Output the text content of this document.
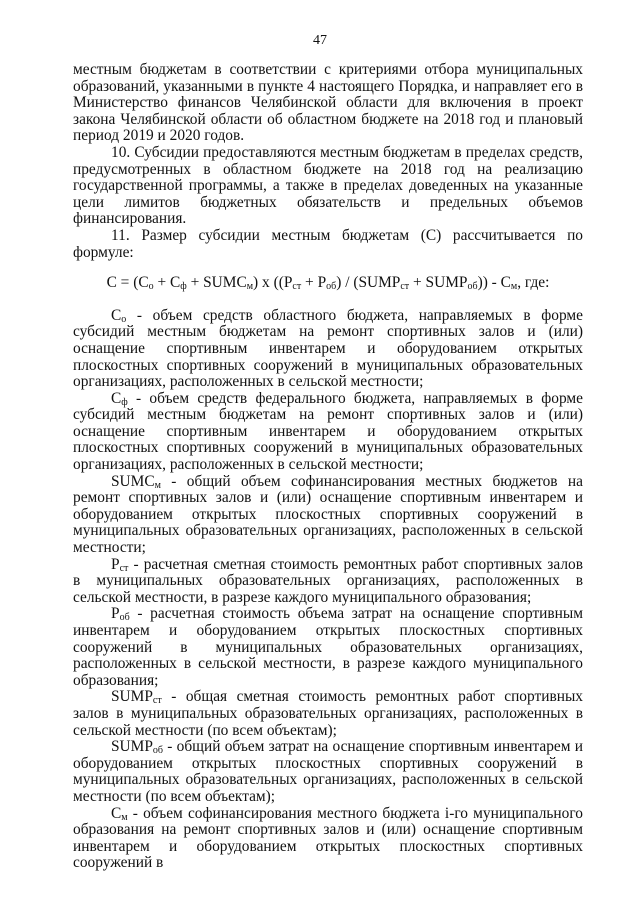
47

местным бюджетам в соответствии с критериями отбора муниципальных образований, указанными в пункте 4 настоящего Порядка, и направляет его в Министерство финансов Челябинской области для включения в проект закона Челябинской области об областном бюджете на 2018 год и плановый период 2019 и 2020 годов.

10. Субсидии предоставляются местным бюджетам в пределах средств, предусмотренных в областном бюджете на 2018 год на реализацию государственной программы, а также в пределах доведенных на указанные цели лимитов бюджетных обязательств и предельных объемов финансирования.

11. Размер субсидии местным бюджетам (С) рассчитывается по формуле:

$С = (С_о + С_ф$ + $SUMC_м$) х ($(Р_{ст} + Р_{об})$ / ($SUMP_{ст}$ + $SUMP_{об})) - С_м$, где:

$С_о$ - объем средств областного бюджета, направляемых в форме субсидий местным бюджетам на ремонт спортивных залов и (или) оснащение спортивным инвентарем и оборудованием открытых плоскостных спортивных сооружений в муниципальных образовательных организациях, расположенных в сельской местности;

$С_ф$ - объем средств федерального бюджета, направляемых в форме субсидий местным бюджетам на ремонт спортивных залов и (или) оснащение спортивным инвентарем и оборудованием открытых плоскостных спортивных сооружений в муниципальных образовательных организациях, расположенных в сельской местности;

$SUMC_м$ - общий объем софинансирования местных бюджетов на ремонт спортивных залов и (или) оснащение спортивным инвентарем и оборудованием открытых плоскостных спортивных сооружений в муниципальных образовательных организациях, расположенных в сельской местности;

$Р_{ст}$ - расчетная сметная стоимость ремонтных работ спортивных залов в муниципальных образовательных организациях, расположенных в сельской местности, в разрезе каждого муниципального образования;

$Р_{об}$ - расчетная стоимость объема затрат на оснащение спортивным инвентарем и оборудованием открытых плоскостных спортивных сооружений в муниципальных образовательных организациях, расположенных в сельской местности, в разрезе каждого муниципального образования;

$SUMP_{ст}$ - общая сметная стоимость ремонтных работ спортивных залов в муниципальных образовательных организациях, расположенных в сельской местности (по всем объектам);

$SUMP_{об}$ - общий объем затрат на оснащение спортивным инвентарем и оборудованием открытых плоскостных спортивных сооружений в муниципальных образовательных организациях, расположенных в сельской местности (по всем объектам);

$С_м$ - объем софинансирования местного бюджета i-го муниципального образования на ремонт спортивных залов и (или) оснащение спортивным инвентарем и оборудованием открытых плоскостных спортивных сооружений в
